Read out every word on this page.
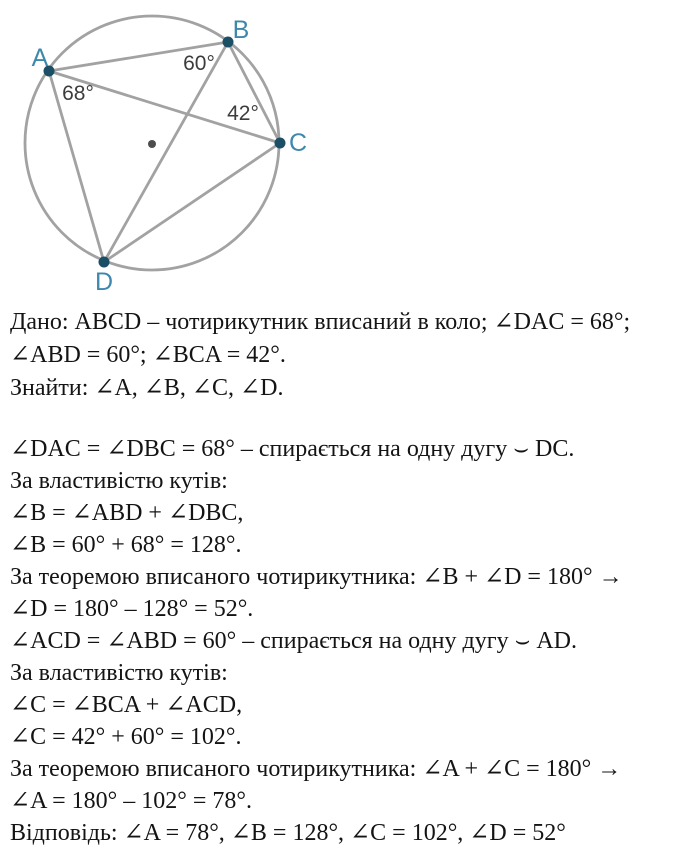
A
B
C
D
68°
60°
42°
Дано: ABCD – чотирикутник вписаний в коло; ∠DAC = 68°;
∠ABD = 60°; ∠BCA = 42°.
Знайти: ∠A, ∠B, ∠C, ∠D.
∠DAC = ∠DBC = 68° – спирається на одну дугу ⌣ DC.
За властивістю кутів:
∠B = ∠ABD + ∠DBC,
∠B = 60° + 68° = 128°.
За теоремою вписаного чотирикутника: ∠B + ∠D = 180° →
∠D = 180° – 128° = 52°.
∠ACD = ∠ABD = 60° – спирається на одну дугу ⌣ AD.
За властивістю кутів:
∠C = ∠BCA + ∠ACD,
∠C = 42° + 60° = 102°.
За теоремою вписаного чотирикутника: ∠A + ∠C = 180° →
∠A = 180° – 102° = 78°.
Відповідь: ∠A = 78°, ∠B = 128°, ∠C = 102°, ∠D = 52°
